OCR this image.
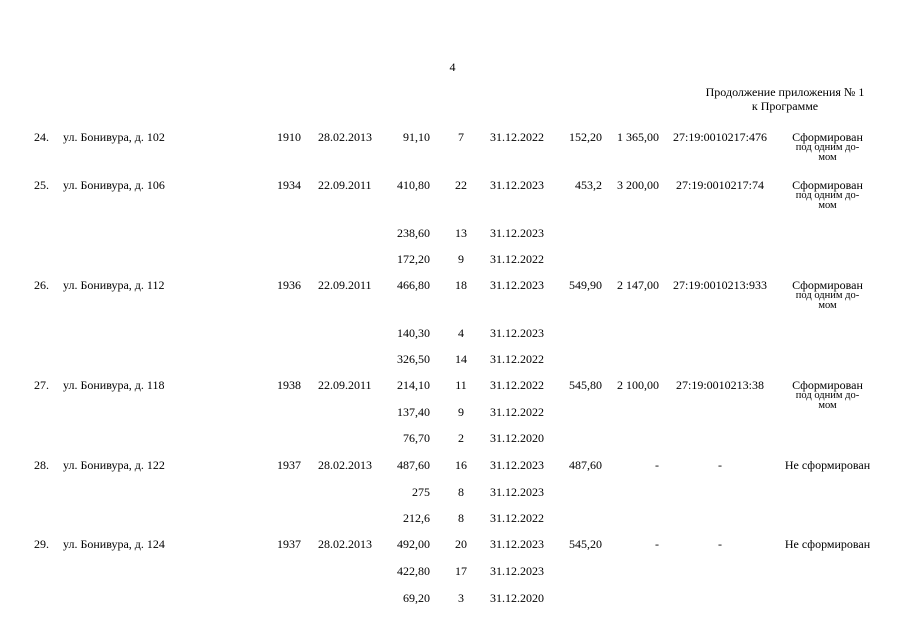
4
Продолжение приложения № 1
к Программе
24. ул. Бонивура, д. 102	1910 28.02.2013	91,10	7	31.12.2022	152,20	1 365,00	27:19:0010217:476	Сформирован
под одним до-
мом
25. ул. Бонивура, д. 106	1934 22.09.2011	410,80	22	31.12.2023	453,2	3 200,00	27:19:0010217:74	Сформирован
под одним до-
мом
238,60	13	31.12.2023
172,20	9	31.12.2022
26. ул. Бонивура, д. 112	1936 22.09.2011	466,80	18	31.12.2023	549,90	2 147,00	27:19:0010213:933	Сформирован
под одним до-
мом
140,30	4	31.12.2023
326,50	14	31.12.2022
27. ул. Бонивура, д. 118	1938 22.09.2011	214,10	11	31.12.2022	545,80	2 100,00	27:19:0010213:38	Сформирован
под одним до-
мом
137,40	9	31.12.2022
76,70	2	31.12.2020
28. ул. Бонивура, д. 122	1937 28.02.2013	487,60	16	31.12.2023	487,60	-	-	Не сформирован
275	8	31.12.2023
212,6	8	31.12.2022
29. ул. Бонивура, д. 124	1937 28.02.2013	492,00	20	31.12.2023	545,20	-	-	Не сформирован
422,80	17	31.12.2023
69,20	3	31.12.2020
